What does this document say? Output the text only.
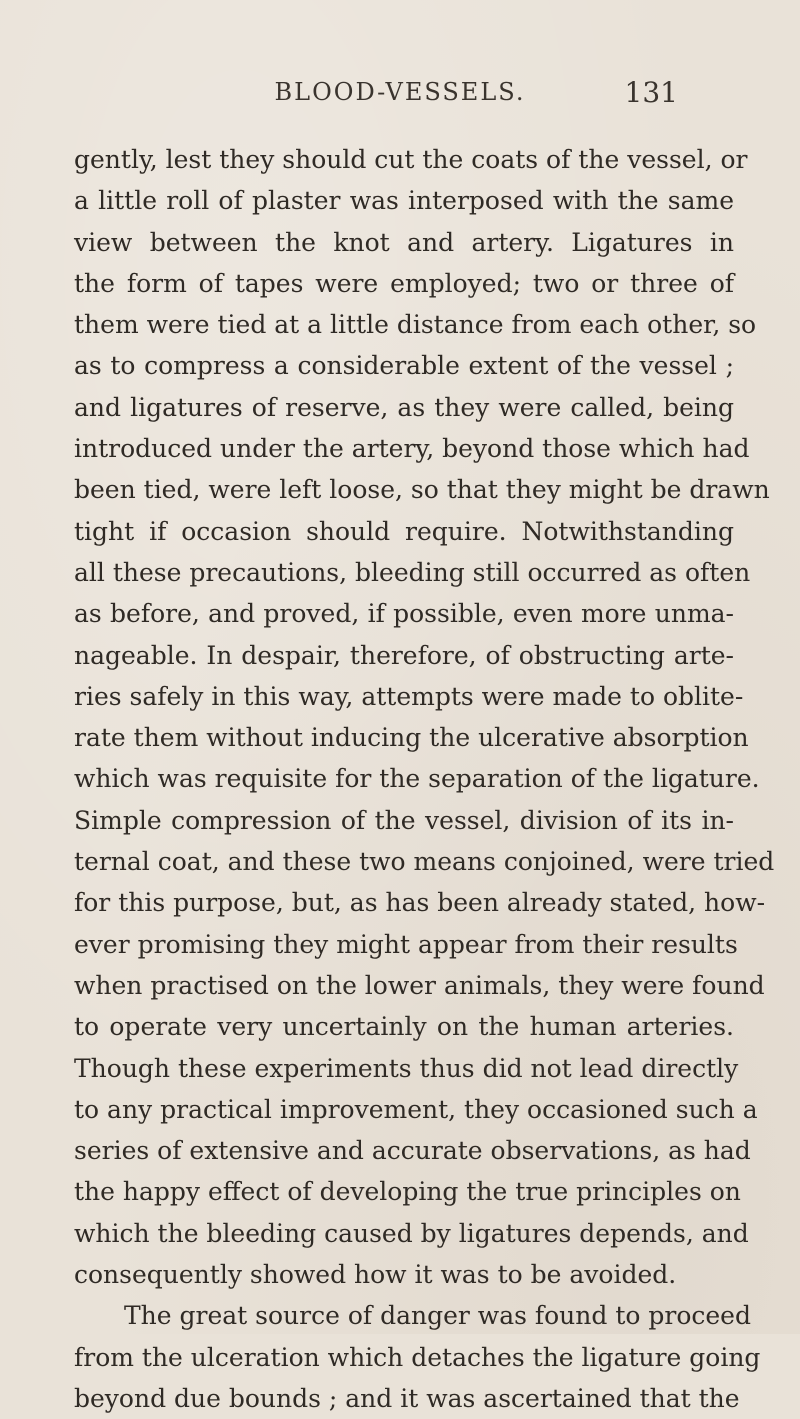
BLOOD-VESSELS.	131
gently, lest they should cut the coats of the vessel, or
a little roll of plaster was interposed with the same
view between the knot and artery. Ligatures in
the form of tapes were employed; two or three of
them were tied at a little distance from each other, so
as to compress a considerable extent of the vessel ;
and ligatures of reserve, as they were called, being
introduced under the artery, beyond those which had
been tied, were left loose, so that they might be drawn
tight if occasion should require. Notwithstanding
all these precautions, bleeding still occurred as often
as before, and proved, if possible, even more unma-
nageable. In despair, therefore, of obstructing arte-
ries safely in this way, attempts were made to oblite-
rate them without inducing the ulcerative absorption
which was requisite for the separation of the ligature.
Simple compression of the vessel, division of its in-
ternal coat, and these two means conjoined, were tried
for this purpose, but, as has been already stated, how-
ever promising they might appear from their results
when practised on the lower animals, they were found
to operate very uncertainly on the human arteries.
Though these experiments thus did not lead directly
to any practical improvement, they occasioned such a
series of extensive and accurate observations, as had
the happy effect of developing the true principles on
which the bleeding caused by ligatures depends, and
consequently showed how it was to be avoided.
The great source of danger was found to proceed
from the ulceration which detaches the ligature going
beyond due bounds ; and it was ascertained that the
